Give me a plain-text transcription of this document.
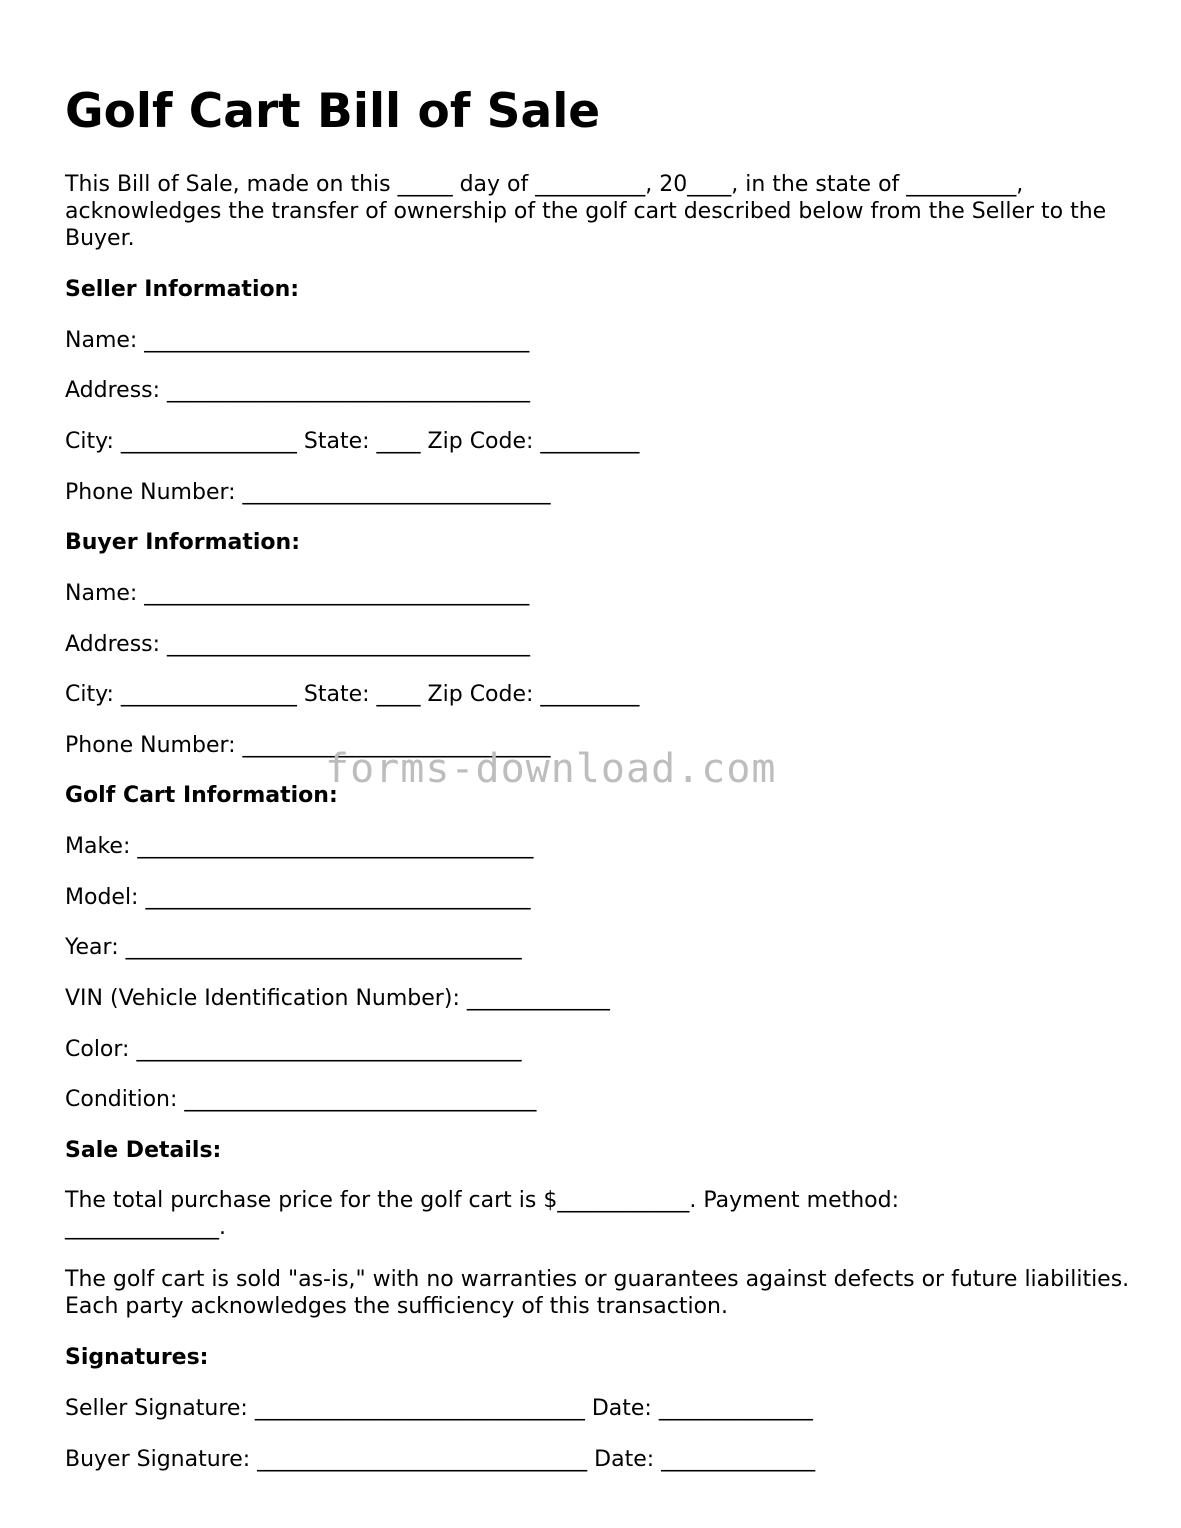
Golf Cart Bill of Sale

This Bill of Sale, made on this _____ day of __________, 20____, in the state of __________, acknowledges the transfer of ownership of the golf cart described below from the Seller to the Buyer.

Seller Information:
Name: ___________________________________
Address: _________________________________
City: ________________ State: ____ Zip Code: _________
Phone Number: ____________________________
Buyer Information:
Name: ___________________________________
Address: _________________________________
City: ________________ State: ____ Zip Code: _________
Phone Number: ____________________________
Golf Cart Information:
Make: ____________________________________
Model: ___________________________________
Year: ____________________________________
VIN (Vehicle Identification Number): _____________
Color: ___________________________________
Condition: ________________________________
Sale Details:

The total purchase price for the golf cart is $____________. Payment method: ______________.

The golf cart is sold "as-is," with no warranties or guarantees against defects or future liabilities. Each party acknowledges the sufficiency of this transaction.

Signatures:
Seller Signature: ______________________________ Date: ______________
Buyer Signature: ______________________________ Date: ______________
forms-download.com
